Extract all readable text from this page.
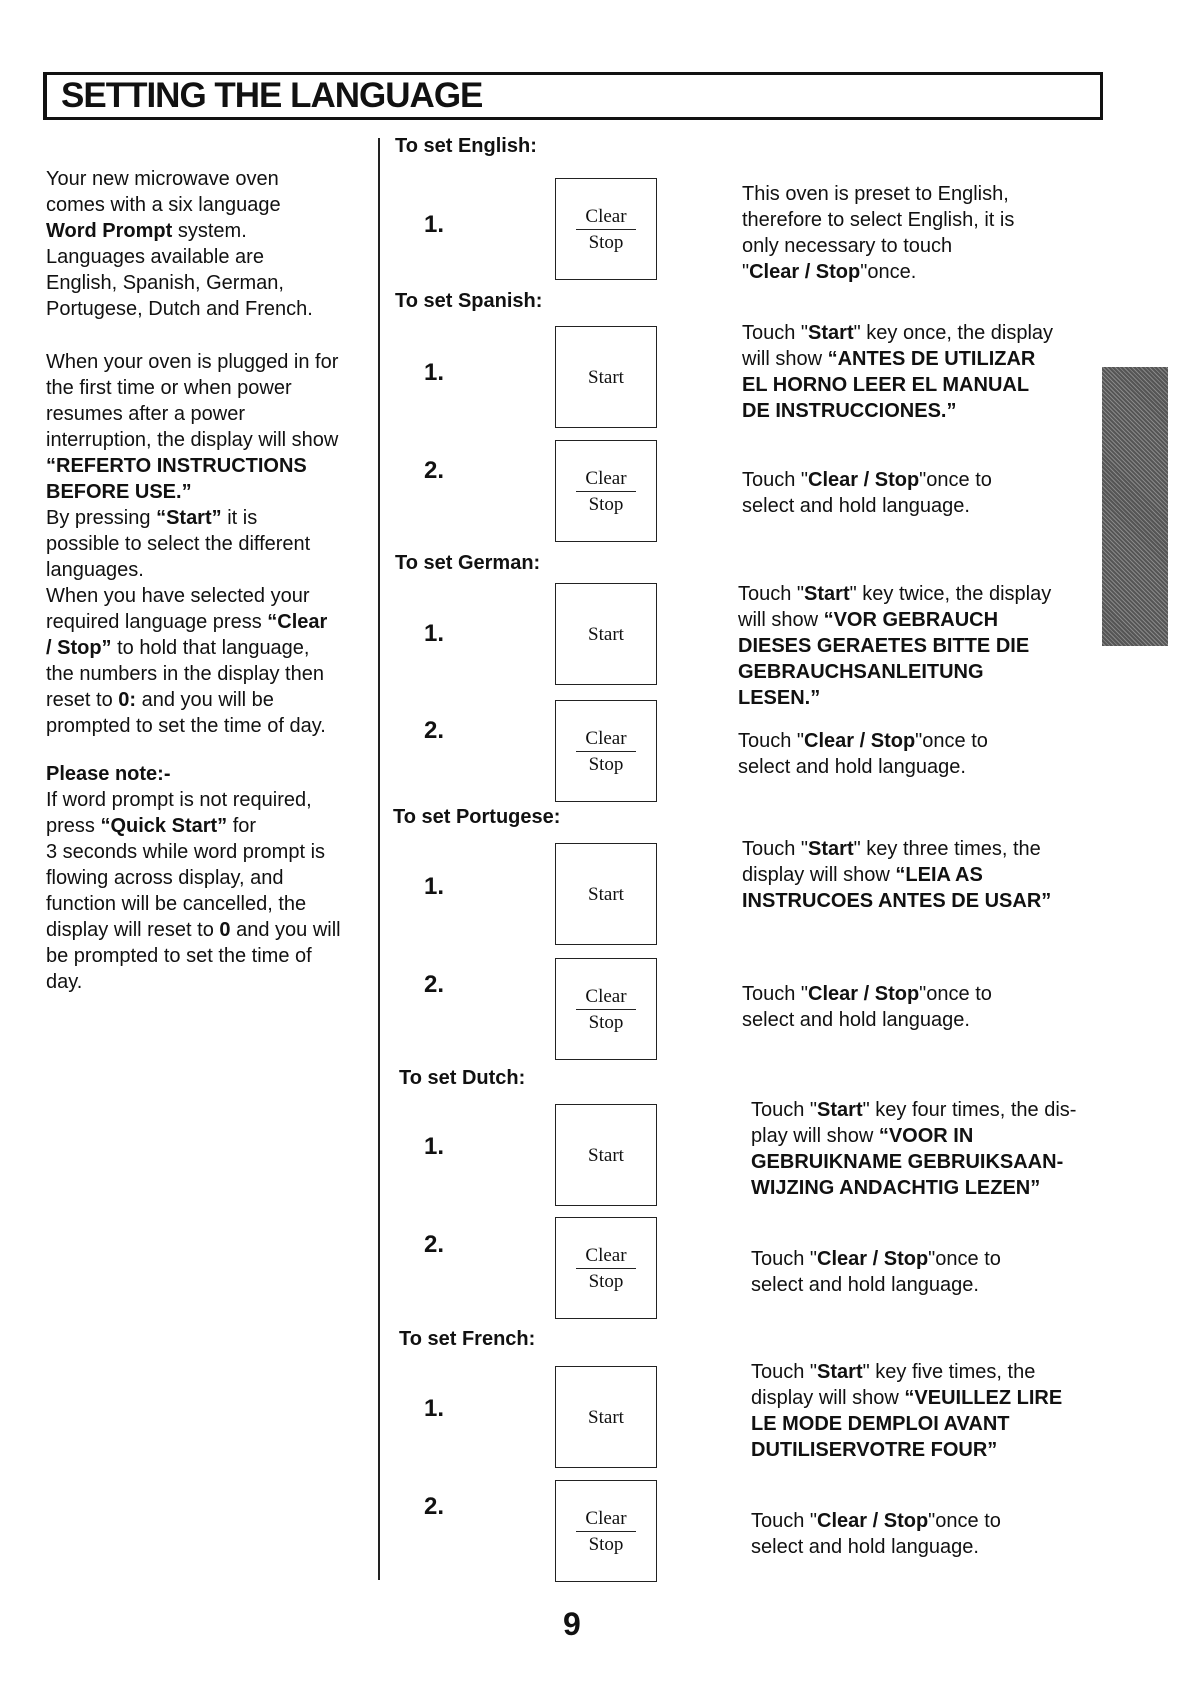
SETTING THE LANGUAGE
Your new microwave oven
comes with a six language
Word Prompt system.
Languages available are
English, Spanish, German,
Portugese, Dutch and French.
When your oven is plugged in for
the first time or when power
resumes after a power
interruption, the display will show
“REFERTO INSTRUCTIONS
BEFORE USE.”
By pressing “Start” it is
possible to select the different
languages.
When you have selected your
required language press “Clear
/ Stop” to hold that language,
the numbers in the display then
reset to 0: and you will be
prompted to set the time of day.
Please note:-
If word prompt is not required,
press “Quick Start” for
3 seconds while word prompt is
flowing across display, and
function will be cancelled, the
display will reset to 0 and you will
be prompted to set the time of
day.
To set English:
1.	Clear
Stop
This oven is preset to English,
therefore to select English, it is
only necessary to touch
"Clear / Stop"once.
To set Spanish:
1.	Start
Touch "Start" key once, the display
will show “ANTES DE UTILIZAR
EL HORNO LEER EL MANUAL
DE INSTRUCCIONES.”
2.	Clear
Stop
Touch "Clear / Stop"once to
select and hold language.
To set German:
1.	Start
Touch "Start" key twice, the display
will show “VOR GEBRAUCH
DIESES GERAETES BITTE DIE
GEBRAUCHSANLEITUNG
LESEN.”
2.	Clear
Stop
Touch "Clear / Stop"once to
select and hold language.
To set Portugese:
1.	Start
Touch "Start" key three times, the
display will show “LEIA AS
INSTRUCOES ANTES DE USAR”
2.	Clear
Stop
Touch "Clear / Stop"once to
select and hold language.
To set Dutch:
1.	Start
Touch "Start" key four times, the dis-
play will show “VOOR IN
GEBRUIKNAME GEBRUIKSAAN-
WIJZING ANDACHTIG LEZEN”
2.	Clear
Stop
Touch "Clear / Stop"once to
select and hold language.
To set French:
1.	Start
Touch "Start" key five times, the
display will show “VEUILLEZ LIRE
LE MODE DEMPLOI AVANT
DUTILISERVOTRE FOUR”
2.	Clear
Stop
Touch "Clear / Stop"once to
select and hold language.
9
